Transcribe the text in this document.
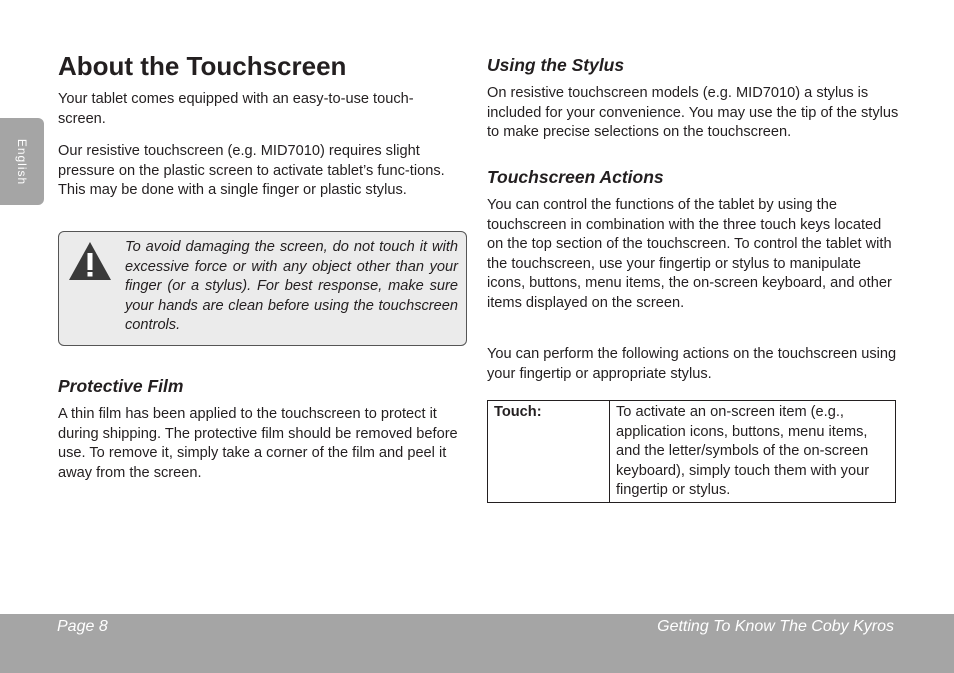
English
About the Touchscreen

Your tablet comes equipped with an easy-to-use touch-screen.

Our resistive touchscreen (e.g. MID7010) requires slight pressure on the plastic screen to activate tablet’s func-tions. This may be done with a single finger or plastic stylus.

To avoid damaging the screen, do not touch it with excessive force or with any object other than your finger (or a stylus). For best response, make sure your hands are clean before using the touchscreen controls.

Protective Film

A thin film has been applied to the touchscreen to protect it during shipping. The protective film should be removed before use. To remove it, simply take a corner of the film and peel it away from the screen.

Using the Stylus

On resistive touchscreen models (e.g. MID7010) a stylus is included for your convenience. You may use the tip of the stylus to make precise selections on the touchscreen.

Touchscreen Actions

You can control the functions of the tablet by using the touchscreen in combination with the three touch keys located on the top section of the touchscreen. To control the tablet with the touchscreen, use your fingertip or stylus to manipulate icons, buttons, menu items, the on-screen keyboard, and other items displayed on the screen.

You can perform the following actions on the touchscreen using your fingertip or appropriate stylus.

Touch:	To activate an on-screen item (e.g., application icons, buttons, menu items, and the letter/symbols of the on-screen keyboard), simply touch them with your fingertip or stylus.
Page 8	Getting To Know The Coby Kyros
